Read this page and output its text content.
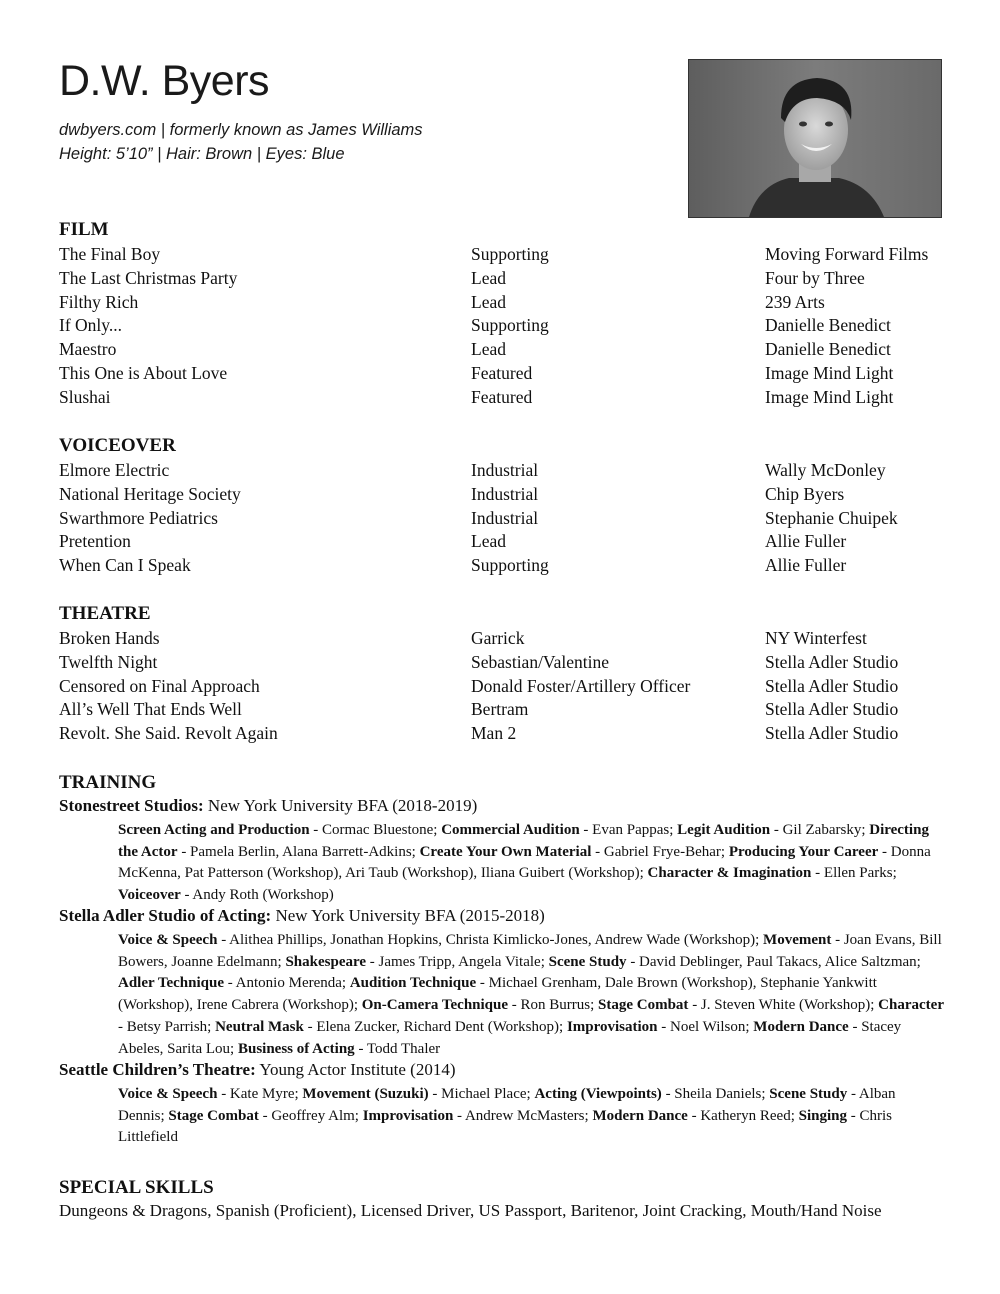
D.W. Byers
dwbyers.com | formerly known as James Williams
Height: 5’10” | Hair: Brown | Eyes: Blue
FILM
The Final Boy	Supporting	Moving Forward Films
The Last Christmas Party	Lead	Four by Three
Filthy Rich	Lead	239 Arts
If Only...	Supporting	Danielle Benedict
Maestro	Lead	Danielle Benedict
This One is About Love	Featured	Image Mind Light
Slushai	Featured	Image Mind Light
VOICEOVER
Elmore Electric	Industrial	Wally McDonley
National Heritage Society	Industrial	Chip Byers
Swarthmore Pediatrics	Industrial	Stephanie Chuipek
Pretention	Lead	Allie Fuller
When Can I Speak	Supporting	Allie Fuller
THEATRE
Broken Hands	Garrick	NY Winterfest
Twelfth Night	Sebastian/Valentine	Stella Adler Studio
Censored on Final Approach	Donald Foster/Artillery Officer	Stella Adler Studio
All’s Well That Ends Well	Bertram	Stella Adler Studio
Revolt. She Said. Revolt Again	Man 2	Stella Adler Studio
TRAINING
Stonestreet Studios: New York University BFA (2018-2019)
Screen Acting and Production - Cormac Bluestone; Commercial Audition - Evan Pappas; Legit Audition - Gil Zabarsky; Directing the Actor - Pamela Berlin, Alana Barrett-Adkins; Create Your Own Material - Gabriel Frye-Behar; Producing Your Career - Donna McKenna, Pat Patterson (Workshop), Ari Taub (Workshop), Iliana Guibert (Workshop); Character & Imagination - Ellen Parks; Voiceover - Andy Roth (Workshop)
Stella Adler Studio of Acting: New York University BFA (2015-2018)
Voice & Speech - Alithea Phillips, Jonathan Hopkins, Christa Kimlicko-Jones, Andrew Wade (Workshop); Movement - Joan Evans, Bill Bowers, Joanne Edelmann; Shakespeare - James Tripp, Angela Vitale; Scene Study - David Deblinger, Paul Takacs, Alice Saltzman; Adler Technique - Antonio Merenda; Audition Technique - Michael Grenham, Dale Brown (Workshop), Stephanie Yankwitt (Workshop), Irene Cabrera (Workshop); On-Camera Technique - Ron Burrus; Stage Combat - J. Steven White (Workshop); Character - Betsy Parrish; Neutral Mask - Elena Zucker, Richard Dent (Workshop); Improvisation - Noel Wilson; Modern Dance - Stacey Abeles, Sarita Lou; Business of Acting - Todd Thaler
Seattle Children’s Theatre: Young Actor Institute (2014)
Voice & Speech - Kate Myre; Movement (Suzuki) - Michael Place; Acting (Viewpoints) - Sheila Daniels; Scene Study - Alban Dennis; Stage Combat - Geoffrey Alm; Improvisation - Andrew McMasters; Modern Dance - Katheryn Reed; Singing - Chris Littlefield
SPECIAL SKILLS
Dungeons & Dragons, Spanish (Proficient), Licensed Driver, US Passport, Baritenor, Joint Cracking, Mouth/Hand Noise
